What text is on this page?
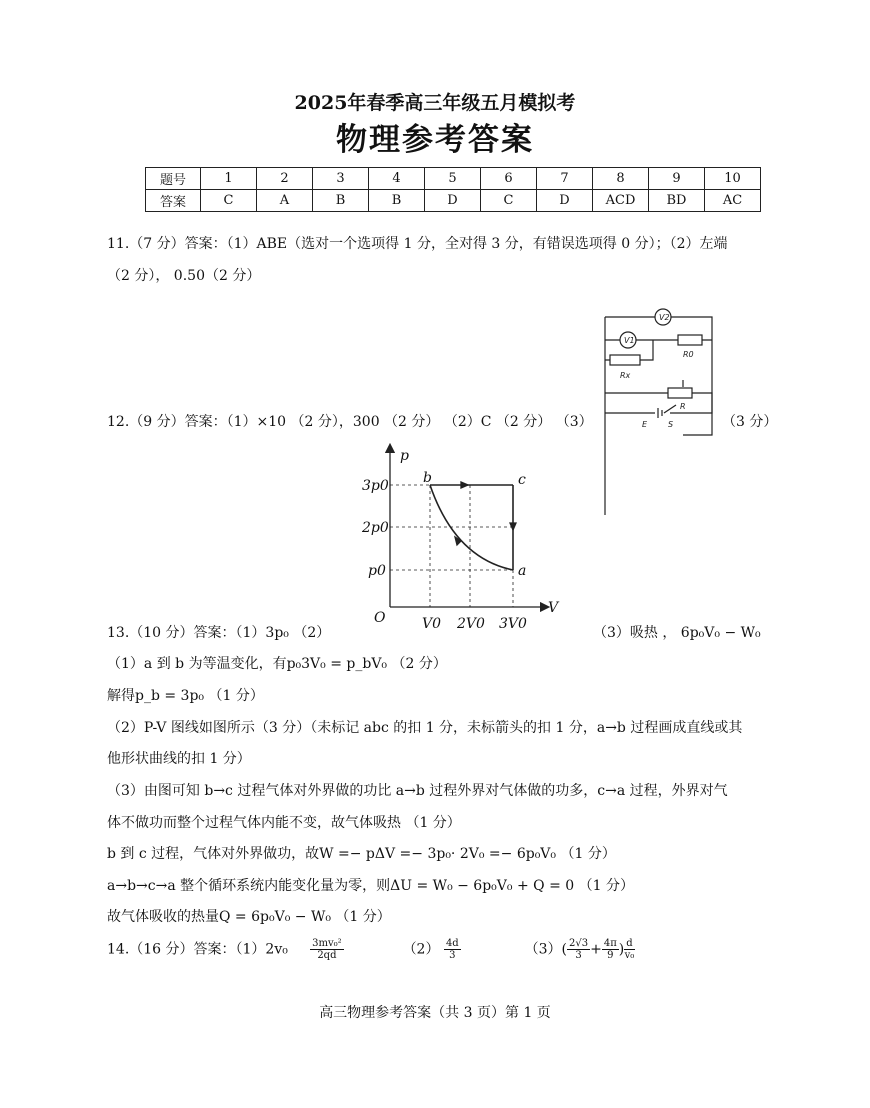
2025年春季高三年级五月模拟考
物理参考答案
题号	1	2	3	4	5	6	7	8	9	10
答案	C	A	B	B	D	C	D	ACD	BD	AC
11.（7 分）答案：（1）ABE（选对一个选项得 1 分，全对得 3 分，有错误选项得 0 分）；（2）左端
（2 分）， 0.50（2 分）
V2
V1
R0
Rx
R
E	S
12.（9 分）答案：（1）×10 （2 分），300 （2 分） （2）C （2 分） （3）	（3 分）
p
V
O
3p0
2p0
p0
V0 2V0 3V0
b	c
a
13.（10 分）答案：（1）3p₀ （2）	（3）吸热 ， 6p₀V₀ − W₀
（1）a 到 b 为等温变化，有p₀3V₀ = p_bV₀ （2 分）
解得p_b = 3p₀ （1 分）
（2）P-V 图线如图所示（3 分）（未标记 abc 的扣 1 分，未标箭头的扣 1 分，a→b 过程画成直线或其
他形状曲线的扣 1 分）
（3）由图可知 b→c 过程气体对外界做的功比 a→b 过程外界对气体做的功多，c→a 过程，外界对气
体不做功而整个过程气体内能不变，故气体吸热 （1 分）
b 到 c 过程，气体对外界做功，故W =− pΔV =− 3p₀· 2V₀ =− 6p₀V₀ （1 分）
a→b→c→a 整个循环系统内能变化量为零，则ΔU = W₀ − 6p₀V₀ + Q = 0 （1 分）
故气体吸收的热量Q = 6p₀V₀ − W₀ （1 分）
14.（16 分）答案：$(1)2v_0 \frac{\text{3mv₀²}}{2qd}$	$(2) \frac{4d}{3}$	$(3)( \frac{2√3}{3} + \frac{4\pi}{9}$ ) $\frac{d}{\text{v₀}}$
高三物理参考答案（共 3 页）第 1 页
